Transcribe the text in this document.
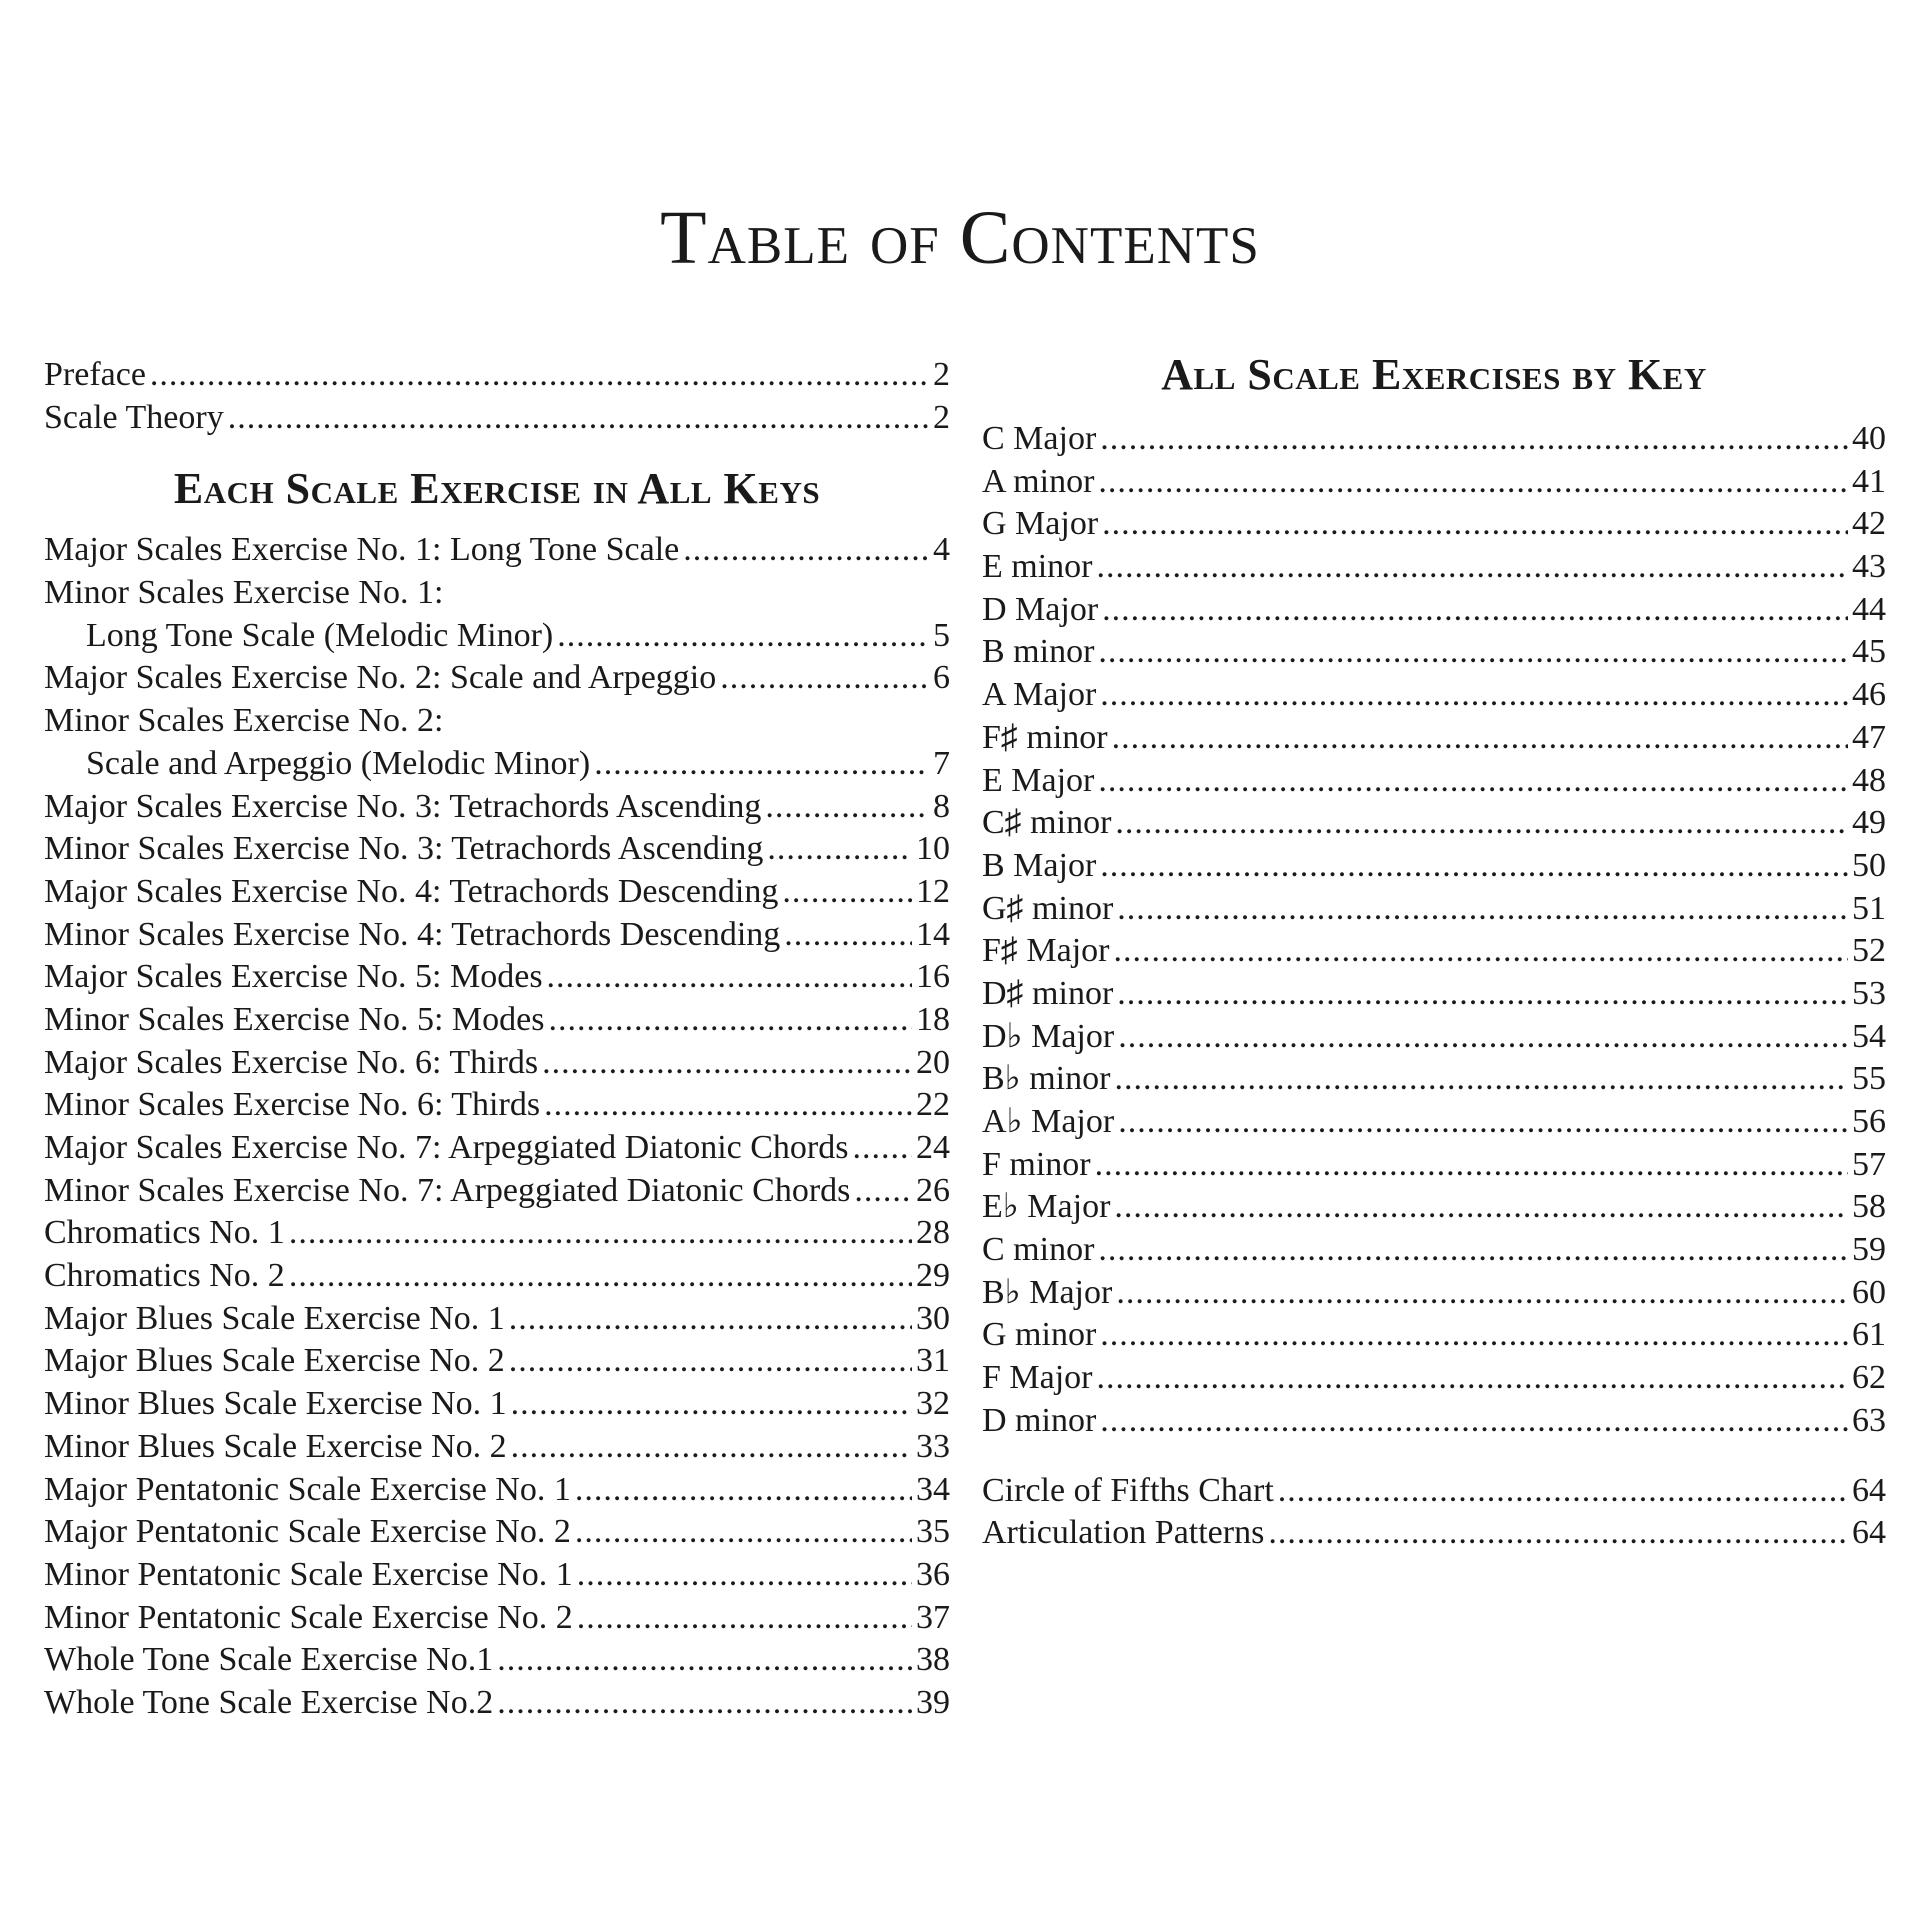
Table of Contents
Preface .....	2
Scale Theory .....	2
Each Scale Exercise in All Keys
Major Scales Exercise No. 1: Long Tone Scale .....	4
Minor Scales Exercise No. 1:
Long Tone Scale (Melodic Minor) .....	5
Major Scales Exercise No. 2: Scale and Arpeggio .....	6
Minor Scales Exercise No. 2:
Scale and Arpeggio (Melodic Minor) .....	7
Major Scales Exercise No. 3: Tetrachords Ascending .....	8
Minor Scales Exercise No. 3: Tetrachords Ascending .....	10
Major Scales Exercise No. 4: Tetrachords Descending .....	12
Minor Scales Exercise No. 4: Tetrachords Descending .....	14
Major Scales Exercise No. 5: Modes .....	16
Minor Scales Exercise No. 5: Modes .....	18
Major Scales Exercise No. 6: Thirds .....	20
Minor Scales Exercise No. 6: Thirds .....	22
Major Scales Exercise No. 7: Arpeggiated Diatonic Chords ..... 24
Minor Scales Exercise No. 7: Arpeggiated Diatonic Chords ..... 26
Chromatics No. 1 .....	28
Chromatics No. 2 .....	29
Major Blues Scale Exercise No. 1 .....	30
Major Blues Scale Exercise No. 2 .....	31
Minor Blues Scale Exercise No. 1 .....	32
Minor Blues Scale Exercise No. 2 .....	33
Major Pentatonic Scale Exercise No. 1 .....	34
Major Pentatonic Scale Exercise No. 2 .....	35
Minor Pentatonic Scale Exercise No. 1 .....	36
Minor Pentatonic Scale Exercise No. 2 .....	37
Whole Tone Scale Exercise No.1 .....	38
Whole Tone Scale Exercise No.2 .....	39
All Scale Exercises by Key
C Major .....	40
A minor .....	41
G Major .....	42
E minor .....	43
D Major .....	44
B minor .....	45
A Major .....	46
F♯ minor .....	47
E Major .....	48
C♯ minor .....	49
B Major .....	50
G♯ minor .....	51
F♯ Major .....	52
D♯ minor .....	53
D♭ Major .....	54
B♭ minor .....	55
A♭ Major .....	56
F minor .....	57
E♭ Major .....	58
C minor .....	59
B♭ Major .....	60
G minor .....	61
F Major .....	62
D minor .....	63
Circle of Fifths Chart .....	64
Articulation Patterns .....	64
